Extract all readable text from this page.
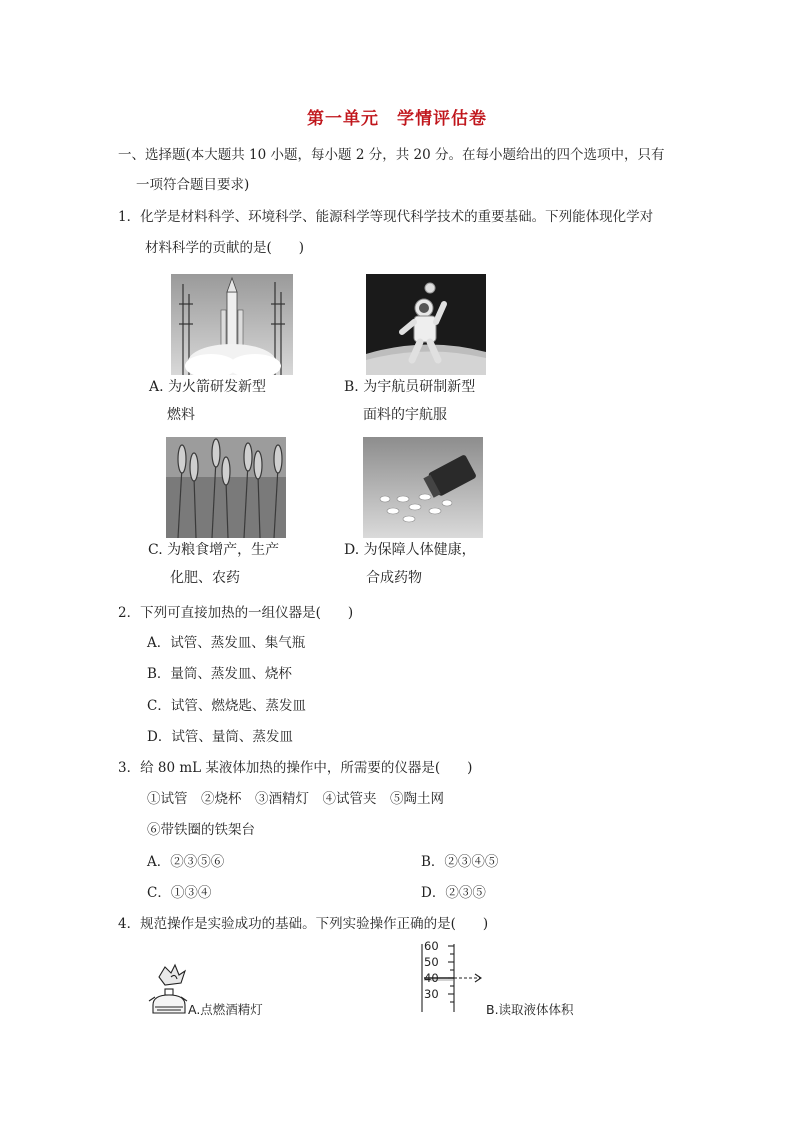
第一单元　学情评估卷
一、选择题(本大题共 10 小题，每小题 2 分，共 20 分。在每小题给出的四个选项中，只有
一项符合题目要求)
1．化学是材料科学、环境科学、能源科学等现代科学技术的重要基础。下列能体现化学对
材料科学的贡献的是(　　)
A. 为火箭研发新型
燃料
B. 为宇航员研制新型
面料的宇航服
C. 为粮食增产，生产
化肥、农药
D. 为保障人体健康，
合成药物
2．下列可直接加热的一组仪器是(　　)
A．试管、蒸发皿、集气瓶
B．量筒、蒸发皿、烧杯
C．试管、燃烧匙、蒸发皿
D．试管、量筒、蒸发皿
3．给 80 mL 某液体加热的操作中，所需要的仪器是(　　)
①试管　②烧杯　③酒精灯　④试管夹　⑤陶土网
⑥带铁圈的铁架台
A．②③⑤⑥	B．②③④⑤
C．①③④	D．②③⑤
4．规范操作是实验成功的基础。下列实验操作正确的是(　　)
A.点燃酒精灯
60
50
40
30
B.读取液体体积
